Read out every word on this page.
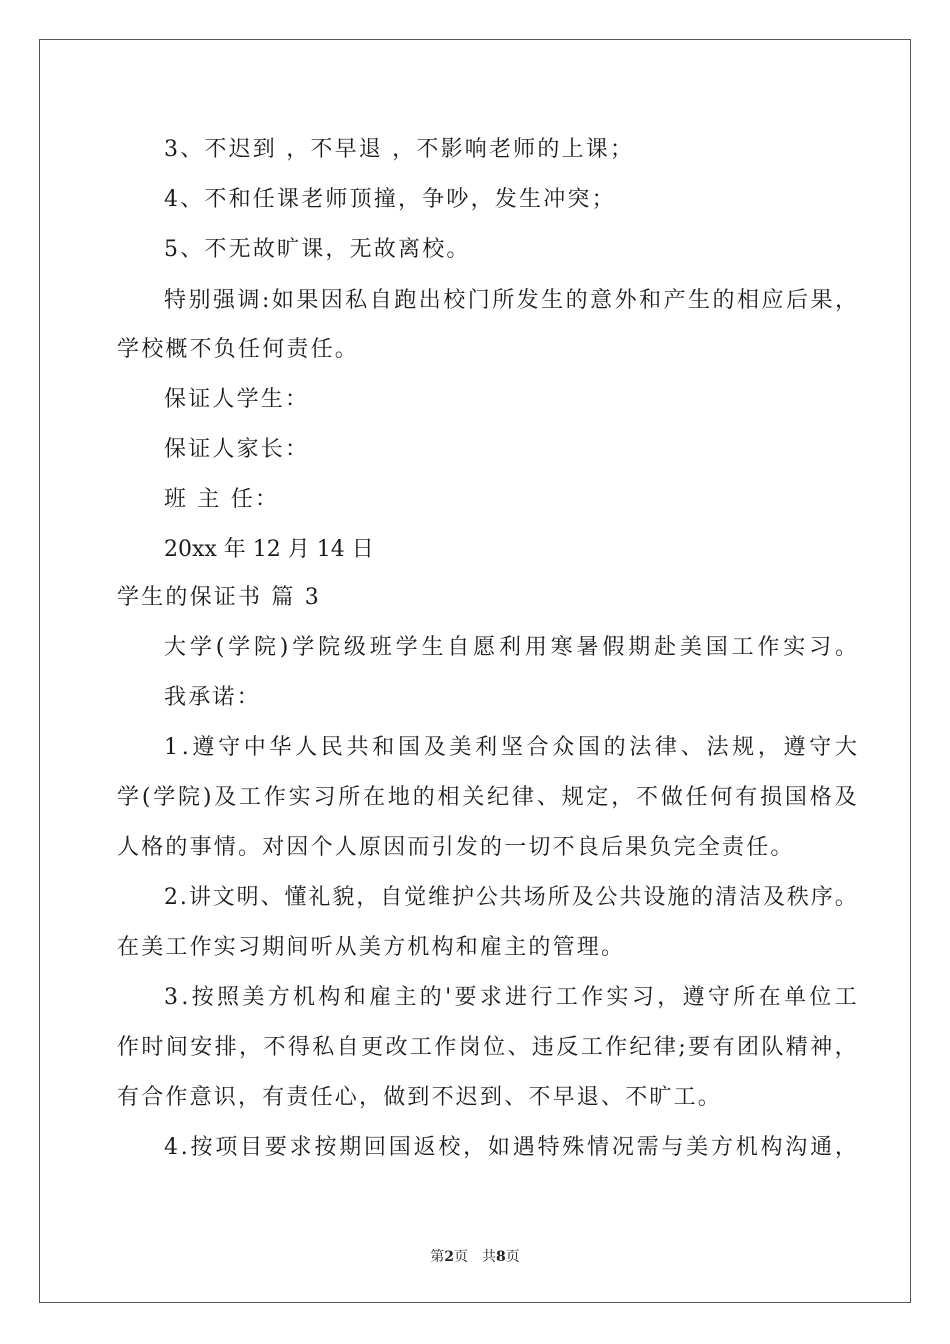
3、不迟到 ，不早退 ，不影响老师的上课；
4、不和任课老师顶撞，争吵，发生冲突；
5、不无故旷课，无故离校。
特 别 强 调 : 如 果 因 私 自 跑 出 校 门 所 发 生 的 意 外 和 产 生 的 相 应 后 果 ，
学校概不负任何责任。
保证人学生：
保证人家长：
班 主 任：
20xx 年 12 月 14 日
学生的保证书 篇 3
大 学 ( 学 院 ) 学 院 级 班 学 生 自 愿 利 用 寒 暑 假 期 赴 美 国 工 作 实 习 。
我承诺：
1 . 遵 守 中 华 人 民 共 和 国 及 美 利 坚 合 众 国 的 法 律 、 法 规 ， 遵 守 大
学 ( 学 院 ) 及 工 作 实 习 所 在 地 的 相 关 纪 律 、 规 定 ， 不 做 任 何 有 损 国 格 及
人格的事情。对因个人原因而引发的一切不良后果负完全责任。
2 . 讲 文 明 、 懂 礼 貌 ， 自 觉 维 护 公 共 场 所 及 公 共 设 施 的 清 洁 及 秩 序 。
在美工作实习期间听从美方机构和雇主的管理。
3 . 按 照 美 方 机 构 和 雇 主 的 ' 要 求 进 行 工 作 实 习 ， 遵 守 所 在 单 位 工
作 时 间 安 排 ， 不 得 私 自 更 改 工 作 岗 位 、 违 反 工 作 纪 律 ; 要 有 团 队 精 神 ，
有合作意识，有责任心，做到不迟到、不早退、不旷工。
4 . 按 项 目 要 求 按 期 回 国 返 校 ， 如 遇 特 殊 情 况 需 与 美 方 机 构 沟 通 ，
第2页　共8页
